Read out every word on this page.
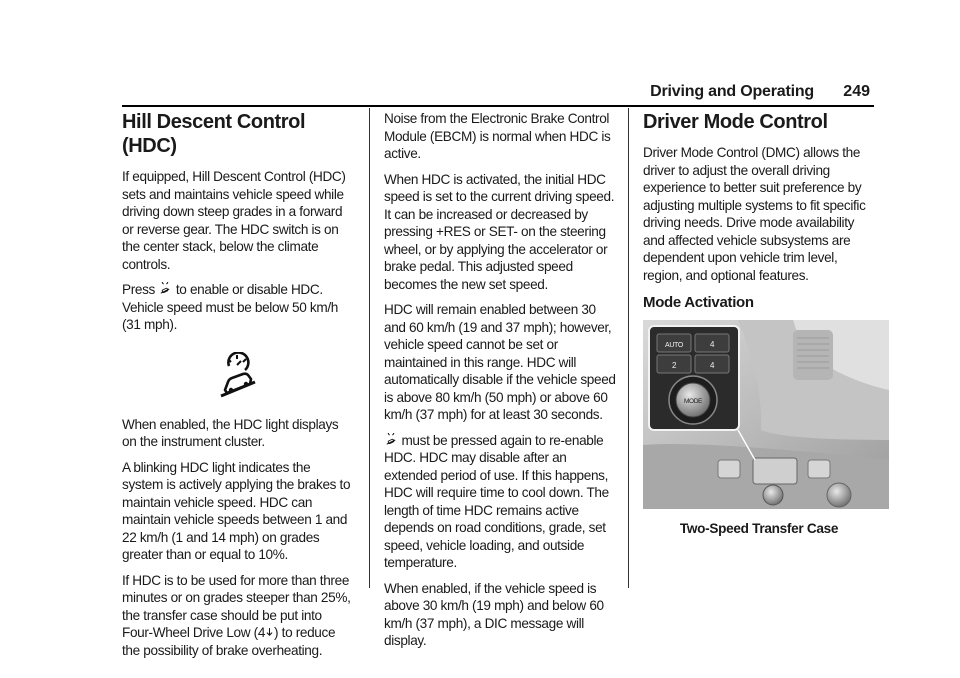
Driving and Operating 249
Hill Descent Control (HDC)

If equipped, Hill Descent Control (HDC) sets and maintains vehicle speed while driving down steep grades in a forward or reverse gear. The HDC switch is on the center stack, below the climate controls.

Press to enable or disable HDC. Vehicle speed must be below 50 km/h (31 mph).

When enabled, the HDC light displays on the instrument cluster.

A blinking HDC light indicates the system is actively applying the brakes to maintain vehicle speed. HDC can maintain vehicle speeds between 1 and 22 km/h (1 and 14 mph) on grades greater than or equal to 10%.

If HDC is to be used for more than three minutes or on grades steeper than 25%, the transfer case should be put into Four-Wheel Drive Low (4 ) to reduce the possibility of brake overheating.

Noise from the Electronic Brake Control Module (EBCM) is normal when HDC is active.

When HDC is activated, the initial HDC speed is set to the current driving speed. It can be increased or decreased by pressing +RES or SET- on the steering wheel, or by applying the accelerator or brake pedal. This adjusted speed becomes the new set speed.

HDC will remain enabled between 30 and 60 km/h (19 and 37 mph); however, vehicle speed cannot be set or maintained in this range. HDC will automatically disable if the vehicle speed is above 80 km/h (50 mph) or above 60 km/h (37 mph) for at least 30 seconds.

must be pressed again to re-enable HDC. HDC may disable after an extended period of use. If this happens, HDC will require time to cool down. The length of time HDC remains active depends on road conditions, grade, set speed, vehicle loading, and outside temperature.

When enabled, if the vehicle speed is above 30 km/h (19 mph) and below 60 km/h (37 mph), a DIC message will display.

Driver Mode Control

Driver Mode Control (DMC) allows the driver to adjust the overall driving experience to better suit preference by adjusting multiple systems to fit specific driving needs. Drive mode availability and affected vehicle subsystems are dependent upon vehicle trim level, region, and optional features.

Mode Activation
AUTO	4
2	4
MODE
Two-Speed Transfer Case
